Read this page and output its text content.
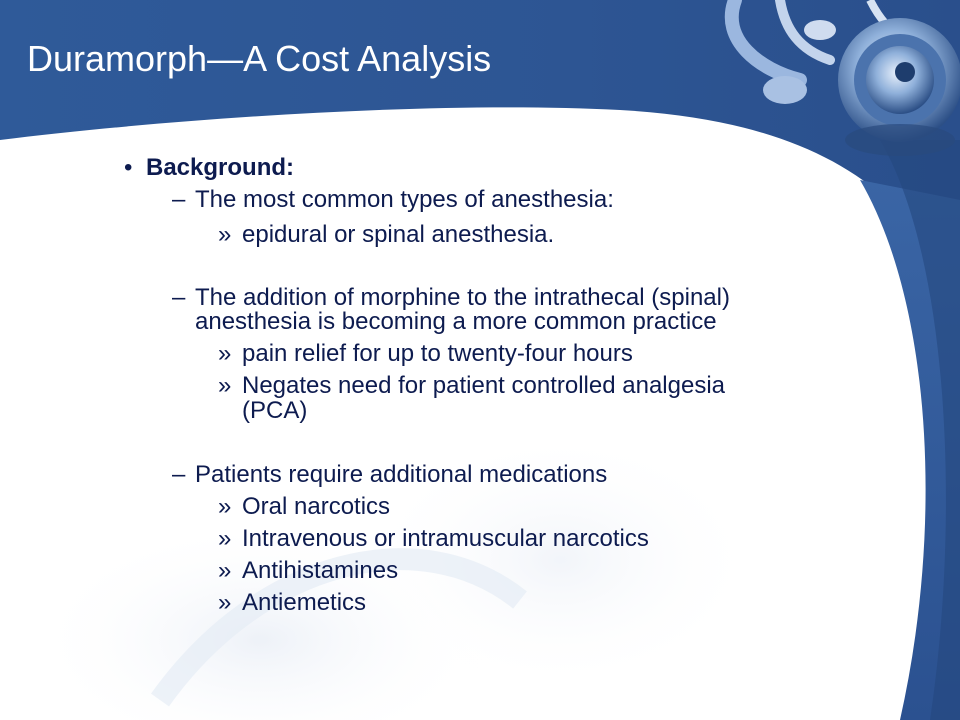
Duramorph—A Cost Analysis
• Background:
– The most common types of anesthesia:
» epidural or spinal anesthesia.
– The addition of morphine to the intrathecal (spinal)
anesthesia is becoming a more common practice
» pain relief for up to twenty-four hours
» Negates need for patient controlled analgesia
(PCA)
– Patients require additional medications
» Oral narcotics
» Intravenous or intramuscular narcotics
» Antihistamines
» Antiemetics
